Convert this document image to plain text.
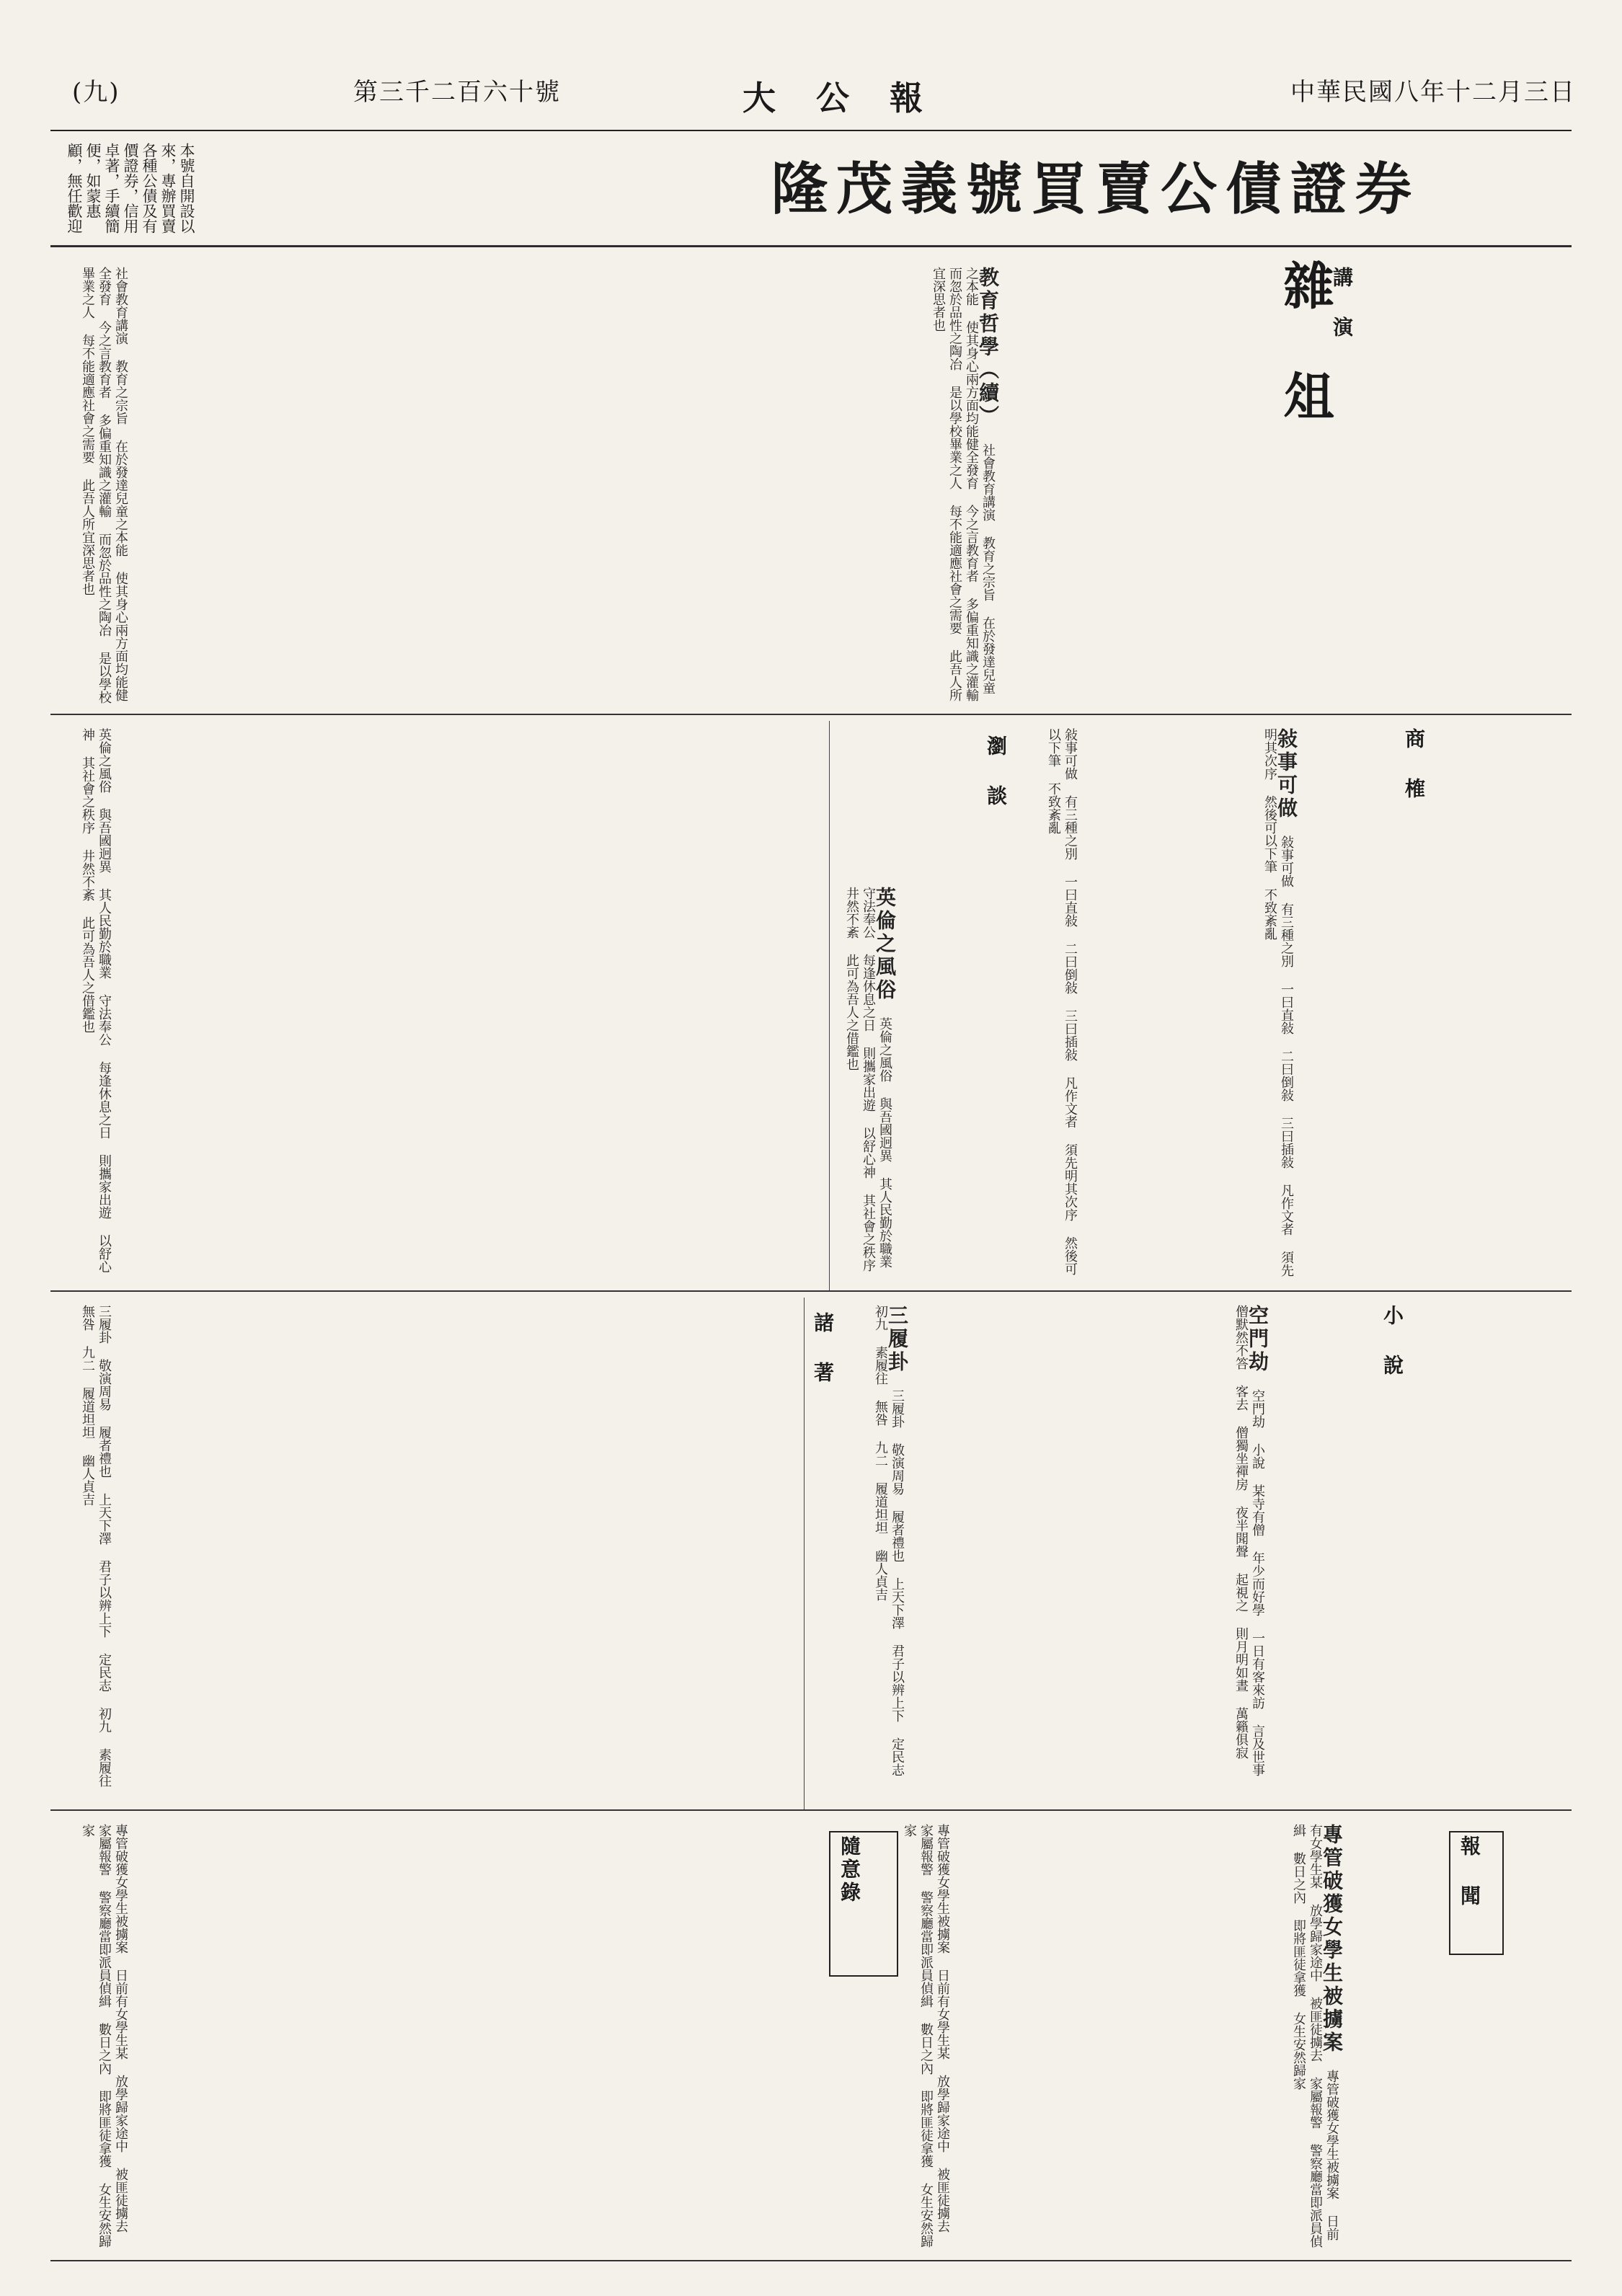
中華民國八年十二月三日
大 公 報
第三千二百六十號
(九)
隆茂義號買賣公債證券
本號自開設以來，專辦買賣各種公債及有價證券，信用卓著，手續簡便，如蒙惠顧，無任歡迎
雜 俎
講 演
教育哲學（續） 社會教育講演 教育之宗旨 在於發達兒童之本能 使其身心兩方面均能健全發育 今之言教育者 多偏重知識之灌輸 而忽於品性之陶冶 是以學校畢業之人 每不能適應社會之需要 此吾人所宜深思者也
社會教育講演 教育之宗旨 在於發達兒童之本能 使其身心兩方面均能健全發育 今之言教育者 多偏重知識之灌輸 而忽於品性之陶冶 是以學校畢業之人 每不能適應社會之需要 此吾人所宜深思者也
商 榷
敍事可做 敍事可做 有三種之別 一曰直敍 二曰倒敍 三曰插敍 凡作文者 須先明其次序 然後可以下筆 不致紊亂
敍事可做 有三種之別 一曰直敍 二曰倒敍 三曰插敍 凡作文者 須先明其次序 然後可以下筆 不致紊亂
瀏 談
英倫之風俗 英倫之風俗 與吾國迥異 其人民勤於職業 守法奉公 每逢休息之日 則攜家出遊 以舒心神 其社會之秩序 井然不紊 此可為吾人之借鑑也
英倫之風俗 與吾國迥異 其人民勤於職業 守法奉公 每逢休息之日 則攜家出遊 以舒心神 其社會之秩序 井然不紊 此可為吾人之借鑑也
小 說
空門劫 空門劫 小說 某寺有僧 年少而好學 一日有客來訪 言及世事 僧默然不答 客去 僧獨坐禪房 夜半聞聲 起視之 則月明如晝 萬籟俱寂
諸 著	三履卦 三履卦 敬演周易 履者禮也 上天下澤 君子以辨上下 定民志 初九 素履往 無咎 九二 履道坦坦 幽人貞吉
三履卦 敬演周易 履者禮也 上天下澤 君子以辨上下 定民志 初九 素履往 無咎 九二 履道坦坦 幽人貞吉
報 聞
專管破獲女學生被擄案 專管破獲女學生被擄案 日前有女學生某 放學歸家途中 被匪徒擄去 家屬報警 警察廳當即派員偵緝 數日之內 即將匪徒拿獲 女生安然歸家
專管破獲女學生被擄案 日前有女學生某 放學歸家途中 被匪徒擄去 家屬報警 警察廳當即派員偵緝 數日之內 即將匪徒拿獲 女生安然歸家
隨意錄
專管破獲女學生被擄案 日前有女學生某 放學歸家途中 被匪徒擄去 家屬報警 警察廳當即派員偵緝 數日之內 即將匪徒拿獲 女生安然歸家
